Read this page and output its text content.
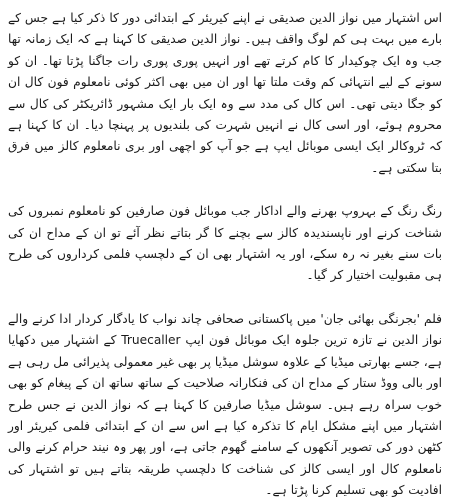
اس اشتہار میں نواز الدین صدیقی نے اپنے کیریئر کے ابتدائی دور کا ذکر کیا ہے جس کے بارے میں بہت ہی کم لوگ واقف ہیں۔ نواز الدین صدیقی کا کہنا ہے کہ ایک زمانہ تھا جب وہ ایک چوکیدار کا کام کرتے تھے اور انہیں پوری پوری رات جاگنا پڑتا تھا۔ ان کو سونے کے لیے انتہائی کم وقت ملتا تھا اور ان میں بھی اکثر کوئی نامعلوم فون کال ان کو جگا دیتی تھی۔ اس کال کی مدد سے وہ ایک بار ایک مشہور ڈائریکٹر کی کال سے محروم ہوئے، اور اسی کال نے انہیں شہرت کی بلندیوں پر پہنچا دیا۔ ان کا کہنا ہے کہ ٹروکالر ایک ایسی موبائل ایپ ہے جو آپ کو اچھی اور بری نامعلوم کالز میں فرق بتا سکتی ہے۔

رنگ رنگ کے بہروپ بھرنے والے اداکار جب موبائل فون صارفین کو نامعلوم نمبروں کی شناخت کرنے اور ناپسندیدہ کالز سے بچنے کا گر بتاتے نظر آئے تو ان کے مداح ان کی بات سنے بغیر نہ رہ سکے، اور یہ اشتہار بھی ان کے دلچسپ فلمی کرداروں کی طرح ہی مقبولیت اختیار کر گیا۔

فلم 'بجرنگی بھائی جان' میں پاکستانی صحافی چاند نواب کا یادگار کردار ادا کرنے والے نواز الدین نے تازہ ترین جلوہ ایک موبائل فون ایپ Truecaller کے اشتہار میں دکھایا ہے، جسے بھارتی میڈیا کے علاوہ سوشل میڈیا پر بھی غیر معمولی پذیرائی مل رہی ہے اور بالی ووڈ ستار کے مداح ان کی فنکارانہ صلاحیت کے ساتھ ساتھ ان کے پیغام کو بھی خوب سراہ رہے ہیں۔ سوشل میڈیا صارفین کا کہنا ہے کہ نواز الدین نے جس طرح اشتہار میں اپنے مشکل ایام کا تذکرہ کیا ہے اس سے ان کے ابتدائی فلمی کیریئر اور کٹھن دور کی تصویر آنکھوں کے سامنے گھوم جاتی ہے، اور پھر وہ نیند حرام کرنے والی نامعلوم کال اور ایسی کالز کی شناخت کا دلچسپ طریقہ بتاتے ہیں تو اشتہار کی افادیت کو بھی تسلیم کرنا پڑتا ہے۔
